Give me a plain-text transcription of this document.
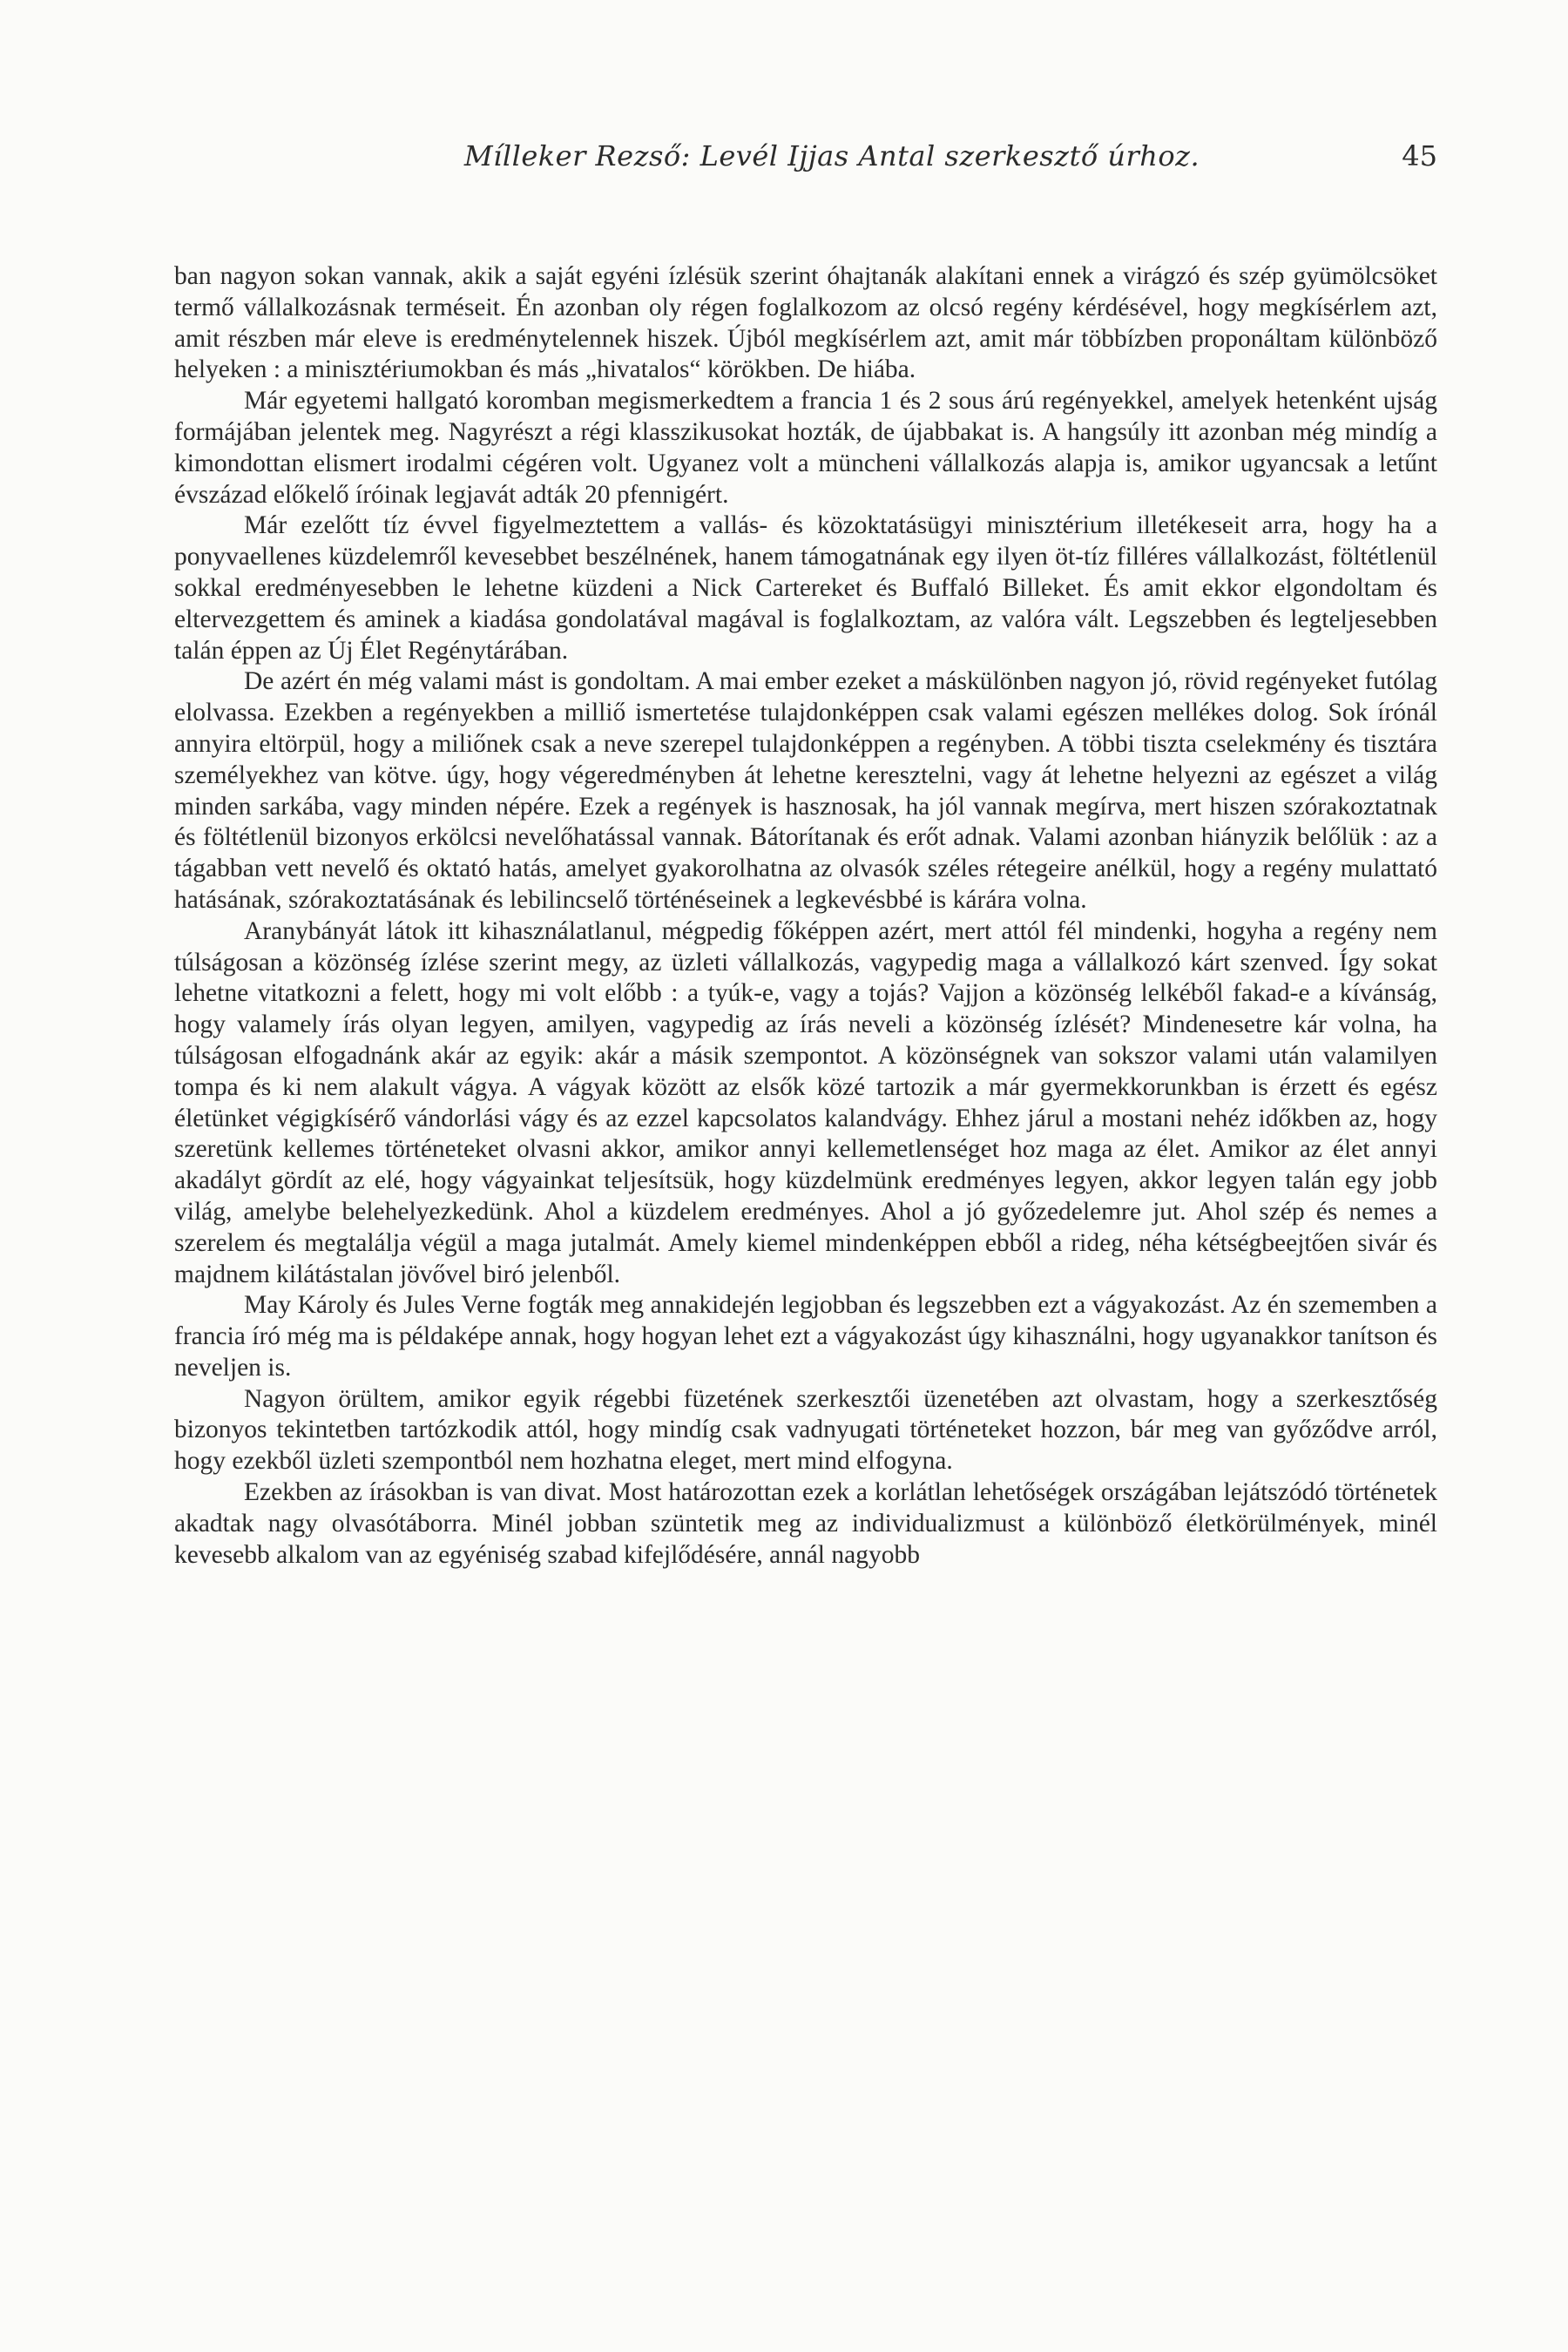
Mílleker Rezső: Levél Ijjas Antal szerkesztő úrhoz.	45

ban nagyon sokan vannak, akik a saját egyéni ízlésük szerint óhajtanák alakítani ennek a virágzó és szép gyümölcsöket termő vállalkozásnak terméseit. Én azonban oly régen foglalkozom az olcsó regény kérdésével, hogy megkísérlem azt, amit részben már eleve is eredménytelennek hiszek. Újból megkísérlem azt, amit már többízben proponáltam különböző helyeken : a minisztériumokban és más „hivatalos“ körökben. De hiába.

Már egyetemi hallgató koromban megismerkedtem a francia 1 és 2 sous árú regényekkel, amelyek hetenként ujság formájában jelentek meg. Nagyrészt a régi klasszikusokat hozták, de újabbakat is. A hangsúly itt azonban még mindíg a kimondottan elismert irodalmi cégéren volt. Ugyanez volt a müncheni vállalkozás alapja is, amikor ugyancsak a letűnt évszázad előkelő íróinak legjavát adták 20 pfennigért.

Már ezelőtt tíz évvel figyelmeztettem a vallás- és közoktatásügyi minisztérium illetékeseit arra, hogy ha a ponyvaellenes küzdelemről kevesebbet beszélnének, hanem támogatnának egy ilyen öt-tíz filléres vállalkozást, föltétlenül sokkal eredményesebben le lehetne küzdeni a Nick Cartereket és Buffaló Billeket. És amit ekkor elgondoltam és eltervezgettem és aminek a kiadása gondolatával magával is foglalkoztam, az valóra vált. Legszebben és legteljesebben talán éppen az Új Élet Regénytárában.

De azért én még valami mást is gondoltam. A mai ember ezeket a máskülönben nagyon jó, rövid regényeket futólag elolvassa. Ezekben a regényekben a milliő ismertetése tulajdonképpen csak valami egészen mellékes dolog. Sok írónál annyira eltörpül, hogy a miliőnek csak a neve szerepel tulajdonképpen a regényben. A többi tiszta cselekmény és tisztára személyekhez van kötve. úgy, hogy végeredményben át lehetne keresztelni, vagy át lehetne helyezni az egészet a világ minden sarkába, vagy minden népére. Ezek a regények is hasznosak, ha jól vannak megírva, mert hiszen szórakoztatnak és föltétlenül bizonyos erkölcsi nevelőhatással vannak. Bátorítanak és erőt adnak. Valami azonban hiányzik belőlük : az a tágabban vett nevelő és oktató hatás, amelyet gyakorolhatna az olvasók széles rétegeire anélkül, hogy a regény mulattató hatásának, szórakoztatásának és lebilincselő történéseinek a legkevésbbé is kárára volna.

Aranybányát látok itt kihasználatlanul, mégpedig főképpen azért, mert attól fél mindenki, hogyha a regény nem túlságosan a közönség ízlése szerint megy, az üzleti vállalkozás, vagypedig maga a vállalkozó kárt szenved. Így sokat lehetne vitatkozni a felett, hogy mi volt előbb : a tyúk-e, vagy a tojás? Vajjon a közönség lelkéből fakad-e a kívánság, hogy valamely írás olyan legyen, amilyen, vagypedig az írás neveli a közönség ízlését? Mindenesetre kár volna, ha túlságosan elfogadnánk akár az egyik: akár a másik szempontot. A közönségnek van sokszor valami után valamilyen tompa és ki nem alakult vágya. A vágyak között az elsők közé tartozik a már gyermekkorunkban is érzett és egész életünket végigkísérő vándorlási vágy és az ezzel kapcsolatos kalandvágy. Ehhez járul a mostani nehéz időkben az, hogy szeretünk kellemes történeteket olvasni akkor, amikor annyi kellemetlenséget hoz maga az élet. Amikor az élet annyi akadályt gördít az elé, hogy vágyainkat teljesítsük, hogy küzdelmünk eredményes legyen, akkor legyen talán egy jobb világ, amelybe belehelyezkedünk. Ahol a küzdelem eredményes. Ahol a jó győzedelemre jut. Ahol szép és nemes a szerelem és megtalálja végül a maga jutalmát. Amely kiemel mindenképpen ebből a rideg, néha kétségbeejtően sivár és majdnem kilátástalan jövővel biró jelenből.

May Károly és Jules Verne fogták meg annakidején legjobban és legszebben ezt a vágyakozást. Az én szememben a francia író még ma is példaképe annak, hogy hogyan lehet ezt a vágyakozást úgy kihasználni, hogy ugyanakkor tanítson és neveljen is.

Nagyon örültem, amikor egyik régebbi füzetének szerkesztői üzenetében azt olvastam, hogy a szerkesztőség bizonyos tekintetben tartózkodik attól, hogy mindíg csak vadnyugati történeteket hozzon, bár meg van győződve arról, hogy ezekből üzleti szempontból nem hozhatna eleget, mert mind elfogyna.

Ezekben az írásokban is van divat. Most határozottan ezek a korlátlan lehetőségek országában lejátszódó történetek akadtak nagy olvasótáborra. Minél jobban szüntetik meg az individualizmust a különböző életkörülmények, minél kevesebb alkalom van az egyéniség szabad kifejlődésére, annál nagyobb
